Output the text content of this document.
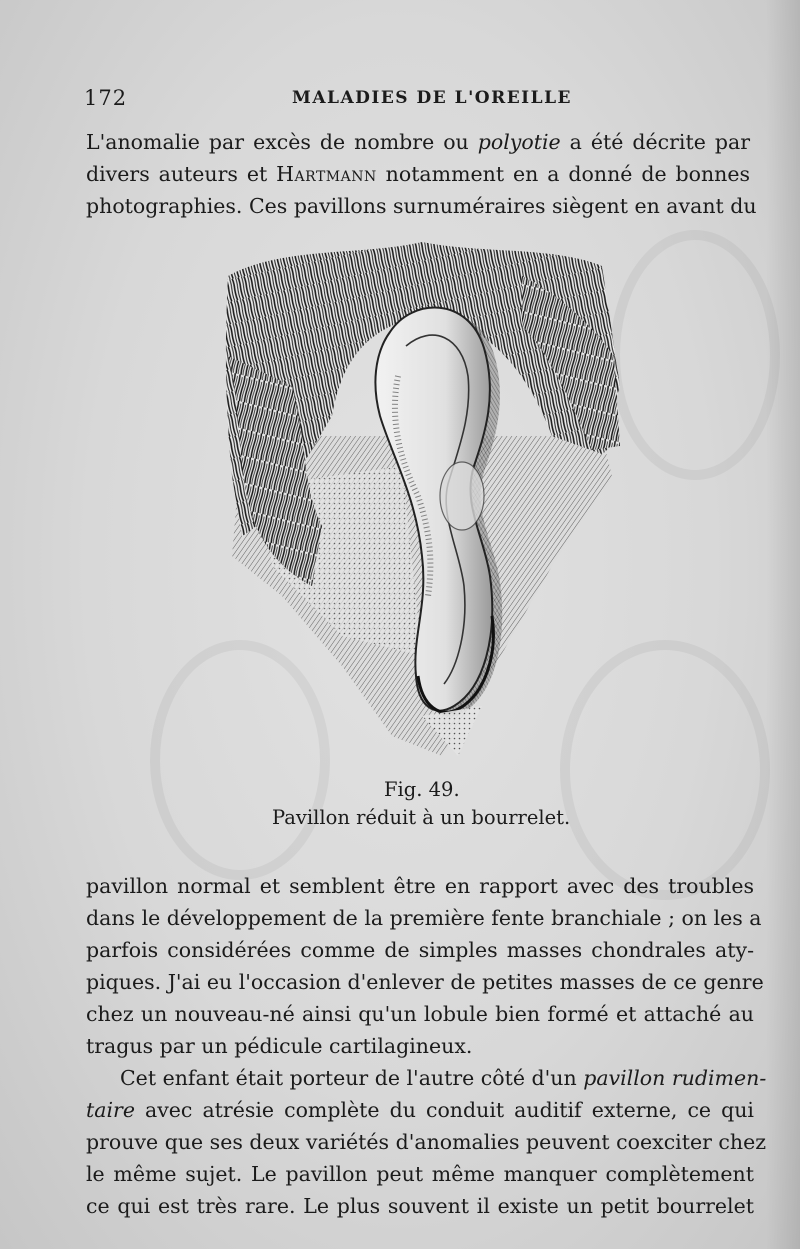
172	MALADIES DE L'OREILLE
L'anomalie par excès de nombre ou polyotie a été décrite par
divers auteurs et Hartmann notamment en a donné de bonnes
photographies. Ces pavillons surnuméraires siègent en avant du
Fig. 49.
Pavillon réduit à un bourrelet.
pavillon normal et semblent être en rapport avec des troubles
dans le développement de la première fente branchiale ; on les a
parfois considérées comme de simples masses chondrales aty-
piques. J'ai eu l'occasion d'enlever de petites masses de ce genre
chez un nouveau-né ainsi qu'un lobule bien formé et attaché au
tragus par un pédicule cartilagineux.
Cet enfant était porteur de l'autre côté d'un pavillon rudimen-
taire avec atrésie complète du conduit auditif externe, ce qui
prouve que ses deux variétés d'anomalies peuvent coexciter chez
le même sujet. Le pavillon peut même manquer complètement
ce qui est très rare. Le plus souvent il existe un petit bourrelet
